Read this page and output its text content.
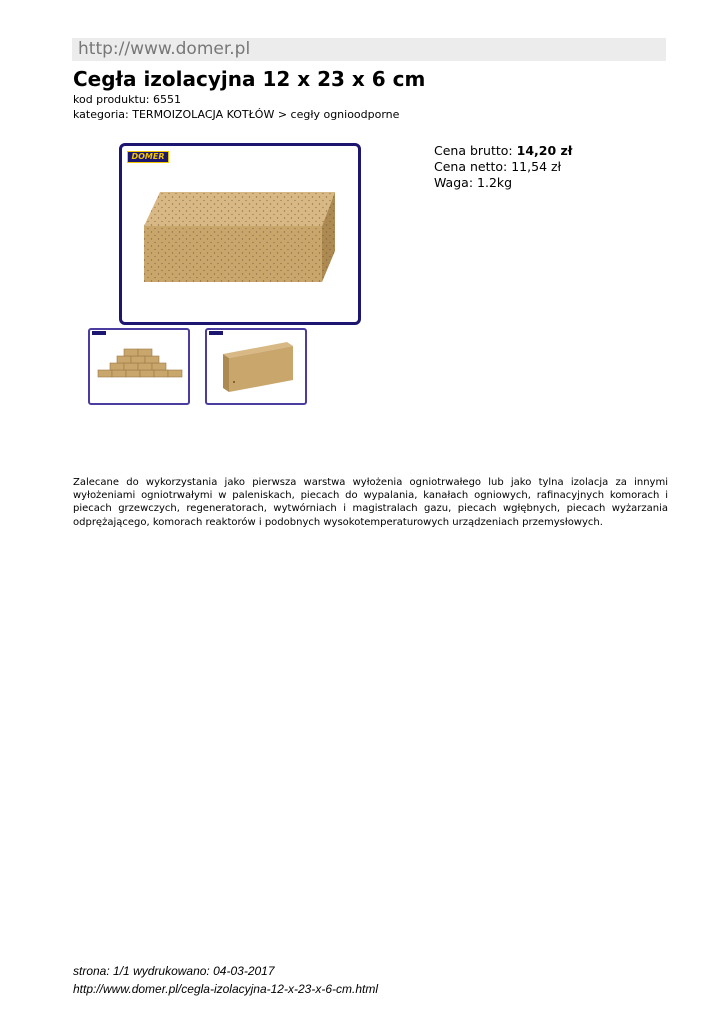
http://www.domer.pl
Cegła izolacyjna 12 x 23 x 6 cm
kod produktu: 6551
kategoria: TERMOIZOLACJA KOTŁÓW > cegły ognioodporne
DOMER	Cena brutto: 14,20 zł
Cena netto: 11,54 zł
Waga: 1.2kg

Zalecane do wykorzystania jako pierwsza warstwa wyłożenia ogniotrwałego lub jako tylna izolacja za innymi wyłożeniami ogniotrwałymi w paleniskach, piecach do wypalania, kanałach ogniowych, rafinacyjnych komorach i piecach grzewczych, regeneratorach, wytwórniach i magistralach gazu, piecach wgłębnych, piecach wyżarzania odprężającego, komorach reaktorów i podobnych wysokotemperaturowych urządzeniach przemysłowych.

strona: 1/1 wydrukowano: 04-03-2017
http://www.domer.pl/cegla-izolacyjna-12-x-23-x-6-cm.html
